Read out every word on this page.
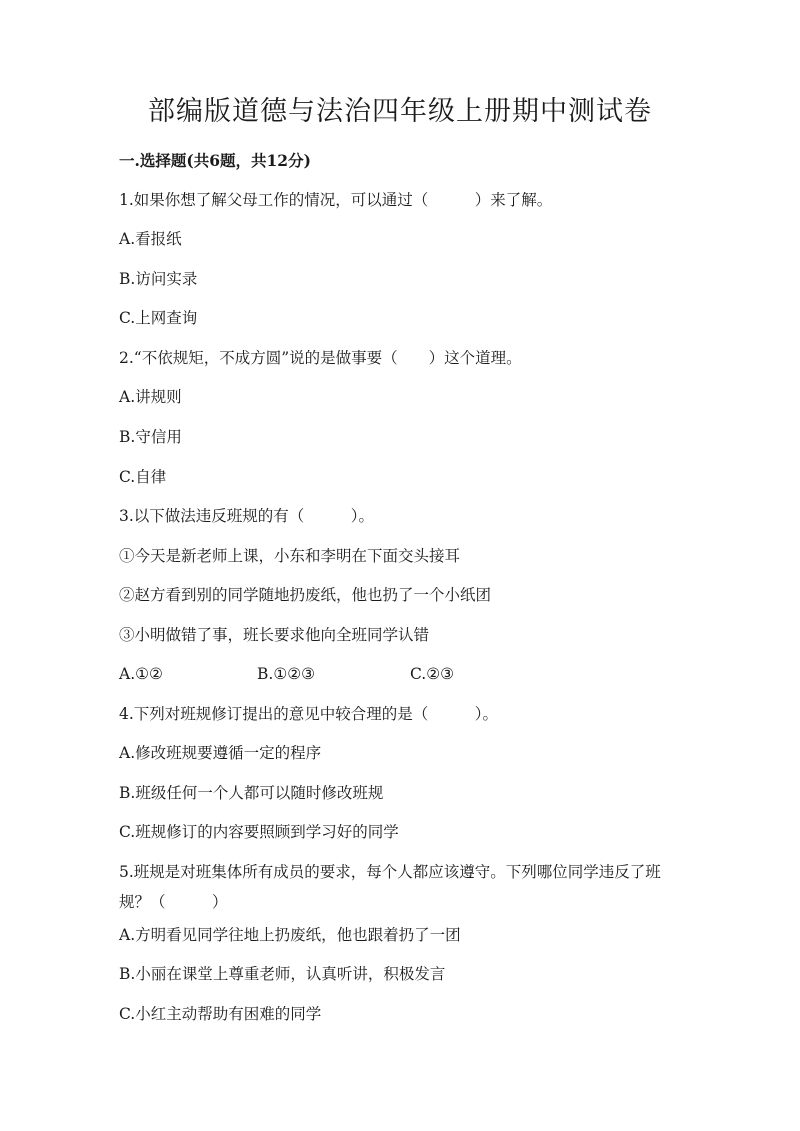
部编版道德与法治四年级上册期中测试卷
一.选择题(共6题，共12分)
1.如果你想了解父母工作的情况，可以通过（　　　）来了解。
A.看报纸
B.访问实录
C.上网查询
2.“不依规矩，不成方圆”说的是做事要（　　）这个道理。
A.讲规则
B.守信用
C.自律
3.以下做法违反班规的有（　　　）。
①今天是新老师上课，小东和李明在下面交头接耳
②赵方看到别的同学随地扔废纸，他也扔了一个小纸团
③小明做错了事，班长要求他向全班同学认错
A.①②	B.①②③	C.②③
4.下列对班规修订提出的意见中较合理的是（　　　）。
A.修改班规要遵循一定的程序
B.班级任何一个人都可以随时修改班规
C.班规修订的内容要照顾到学习好的同学
5.班规是对班集体所有成员的要求，每个人都应该遵守。下列哪位同学违反了班规？（　　　）
A.方明看见同学往地上扔废纸，他也跟着扔了一团
B.小丽在课堂上尊重老师，认真听讲，积极发言
C.小红主动帮助有困难的同学
